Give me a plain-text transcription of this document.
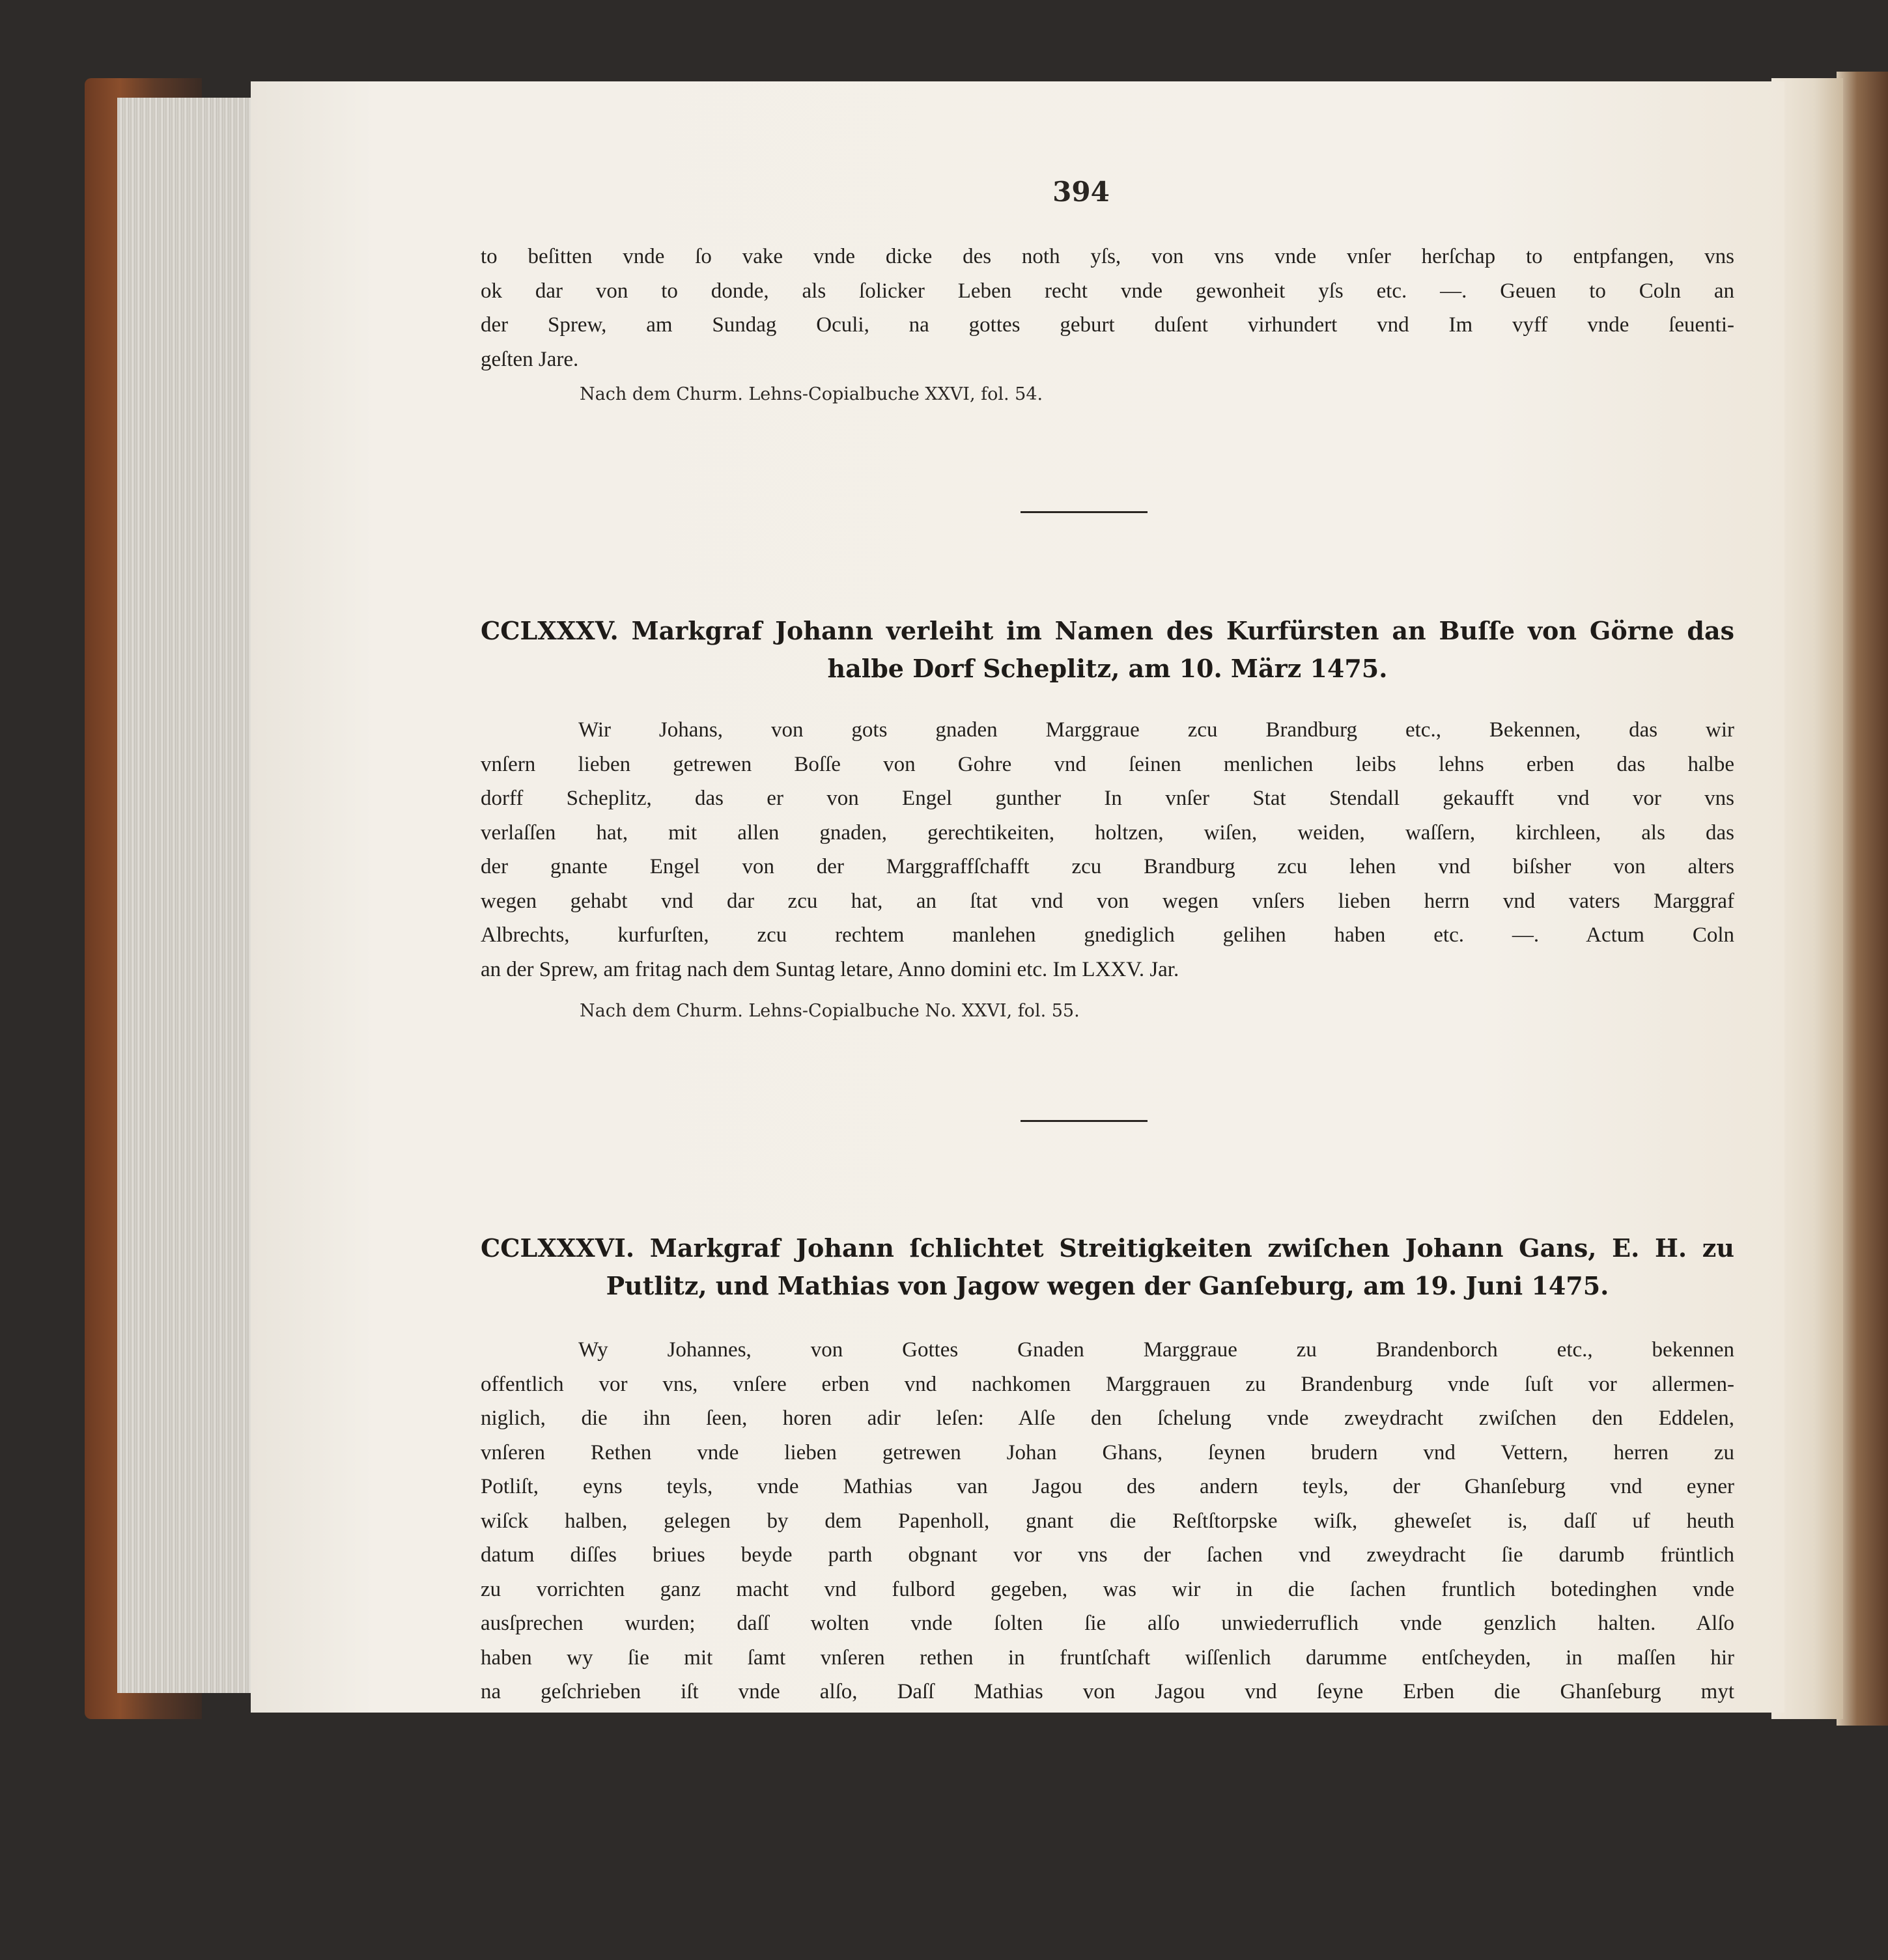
394
to beſitten vnde ſo vake vnde dicke des noth yſs, von vns vnde vnſer herſchap to entpfangen, vns
ok dar von to donde, als ſolicker Leben recht vnde gewonheit yſs etc. —. Geuen to Coln an
der Sprew, am Sundag Oculi, na gottes geburt duſent virhundert vnd Im vyff vnde ſeuenti-
geſten Jare.
Nach dem Churm. Lehns-Copialbuche XXVI, fol. 54.
CCLXXXV. Markgraf Johann verleiht im Namen des Kurfürsten an Buſſe von Görne das
halbe Dorf Scheplitz, am 10. März 1475.
Wir Johans, von gots gnaden Marggraue zcu Brandburg etc., Bekennen, das wir
vnſern lieben getrewen Boſſe von Gohre vnd ſeinen menlichen leibs lehns erben das halbe
dorff Scheplitz, das er von Engel gunther In vnſer Stat Stendall gekaufft vnd vor vns
verlaſſen hat, mit allen gnaden, gerechtikeiten, holtzen, wiſen, weiden, waſſern, kirchleen, als das
der gnante Engel von der Marggraffſchafft zcu Brandburg zcu lehen vnd biſsher von alters
wegen gehabt vnd dar zcu hat, an ſtat vnd von wegen vnſers lieben herrn vnd vaters Marggraf
Albrechts, kurfurſten, zcu rechtem manlehen gnediglich gelihen haben etc. —. Actum Coln
an der Sprew, am fritag nach dem Suntag letare, Anno domini etc. Im LXXV. Jar.
Nach dem Churm. Lehns-Copialbuche No. XXVI, fol. 55.
CCLXXXVI. Markgraf Johann ſchlichtet Streitigkeiten zwiſchen Johann Gans, E. H. zu
Putlitz, und Mathias von Jagow wegen der Ganſeburg, am 19. Juni 1475.
Wy Johannes, von Gottes Gnaden Marggraue zu Brandenborch etc., bekennen
offentlich vor vns, vnſere erben vnd nachkomen Marggrauen zu Brandenburg vnde ſuſt vor allermen-
niglich, die ihn ſeen, horen adir leſen: Alſe den ſchelung vnde zweydracht zwiſchen den Eddelen,
vnſeren Rethen vnde lieben getrewen Johan Ghans, ſeynen brudern vnd Vettern, herren zu
Potliſt, eyns teyls, vnde Mathias van Jagou des andern teyls, der Ghanſeburg vnd eyner
wiſck halben, gelegen by dem Papenholl, gnant die Reſtſtorpske wiſk, gheweſet is, daſſ uf heuth
datum diſſes briues beyde parth obgnant vor vns der ſachen vnd zweydracht ſie darumb früntlich
zu vorrichten ganz macht vnd fulbord gegeben, was wir in die ſachen fruntlich botedinghen vnde
ausſprechen wurden; daſſ wolten vnde ſolten ſie alſo unwiederruflich vnde genzlich halten. Alſo
haben wy ſie mit ſamt vnſeren rethen in fruntſchaft wiſſenlich darumme entſcheyden, in maſſen hir
na geſchrieben iſt vnde alſo, Daſſ Mathias von Jagou vnd ſeyne Erben die Ghanſeburg myt
